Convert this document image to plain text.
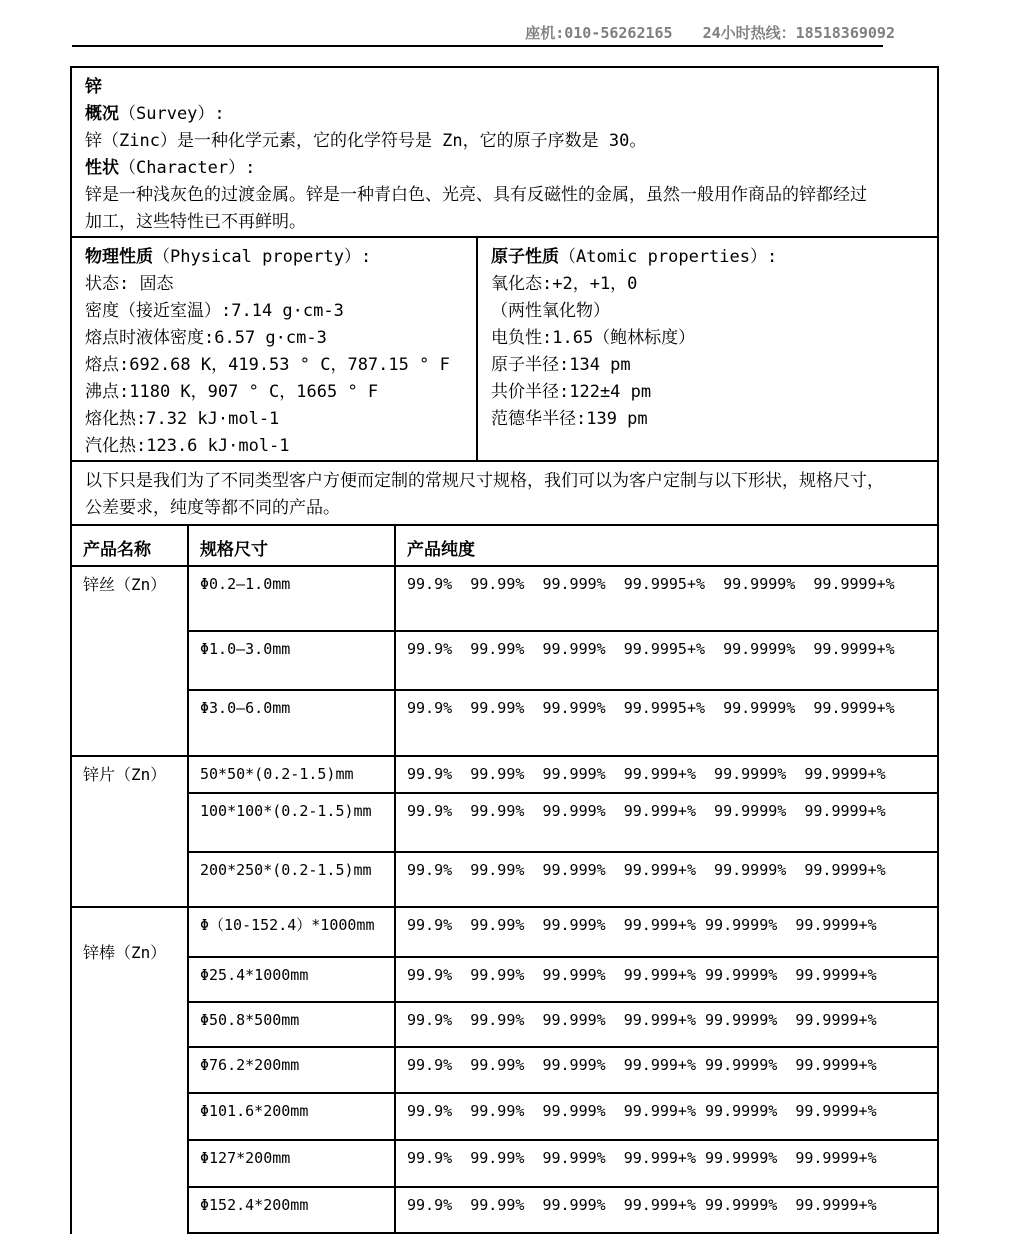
座机:010-56262165 24小时热线：18518369092
锌
概况（Survey）:
锌（Zinc）是一种化学元素，它的化学符号是 Zn，它的原子序数是 30。
性状（Character）:
锌是一种浅灰色的过渡金属。锌是一种青白色、光亮、具有反磁性的金属，虽然一般用作商品的锌都经过
加工，这些特性已不再鲜明。
物理性质（Physical property）:
状态: 固态
密度（接近室温）:7.14 g·cm-3
熔点时液体密度:6.57 g·cm-3
熔点:692.68 K，419.53 ° C，787.15 ° F
沸点:1180 K，907 ° C，1665 ° F
熔化热:7.32 kJ·mol-1
汽化热:123.6 kJ·mol-1
原子性质（Atomic properties）:
氧化态:+2，+1，0
（两性氧化物）
电负性:1.65（鲍林标度）
原子半径:134 pm
共价半径:122±4 pm
范德华半径:139 pm
以下只是我们为了不同类型客户方便而定制的常规尺寸规格，我们可以为客户定制与以下形状，规格尺寸，
公差要求，纯度等都不同的产品。
产品名称	规格尺寸	产品纯度
锌丝（Zn）	Φ0.2—1.0mm	99.9%  99.99%  99.999%  99.9995+%  99.9999%  99.9999+%
	Φ1.0—3.0mm	99.9%  99.99%  99.999%  99.9995+%  99.9999%  99.9999+%
	Φ3.0—6.0mm	99.9%  99.99%  99.999%  99.9995+%  99.9999%  99.9999+%
锌片（Zn）	50*50*(0.2-1.5)mm	99.9%  99.99%  99.999%  99.999+%  99.9999%  99.9999+%
	100*100*(0.2-1.5)mm	99.9%  99.99%  99.999%  99.999+%  99.9999%  99.9999+%
	200*250*(0.2-1.5)mm	99.9%  99.99%  99.999%  99.999+%  99.9999%  99.9999+%
锌棒（Zn）	Φ（10-152.4）*1000mm	99.9%  99.99%  99.999%  99.999+% 99.9999%  99.9999+%
	Φ25.4*1000mm	99.9%  99.99%  99.999%  99.999+% 99.9999%  99.9999+%
	Φ50.8*500mm	99.9%  99.99%  99.999%  99.999+% 99.9999%  99.9999+%
	Φ76.2*200mm	99.9%  99.99%  99.999%  99.999+% 99.9999%  99.9999+%
	Φ101.6*200mm	99.9%  99.99%  99.999%  99.999+% 99.9999%  99.9999+%
	Φ127*200mm	99.9%  99.99%  99.999%  99.999+% 99.9999%  99.9999+%
	Φ152.4*200mm	99.9%  99.99%  99.999%  99.999+% 99.9999%  99.9999+%
